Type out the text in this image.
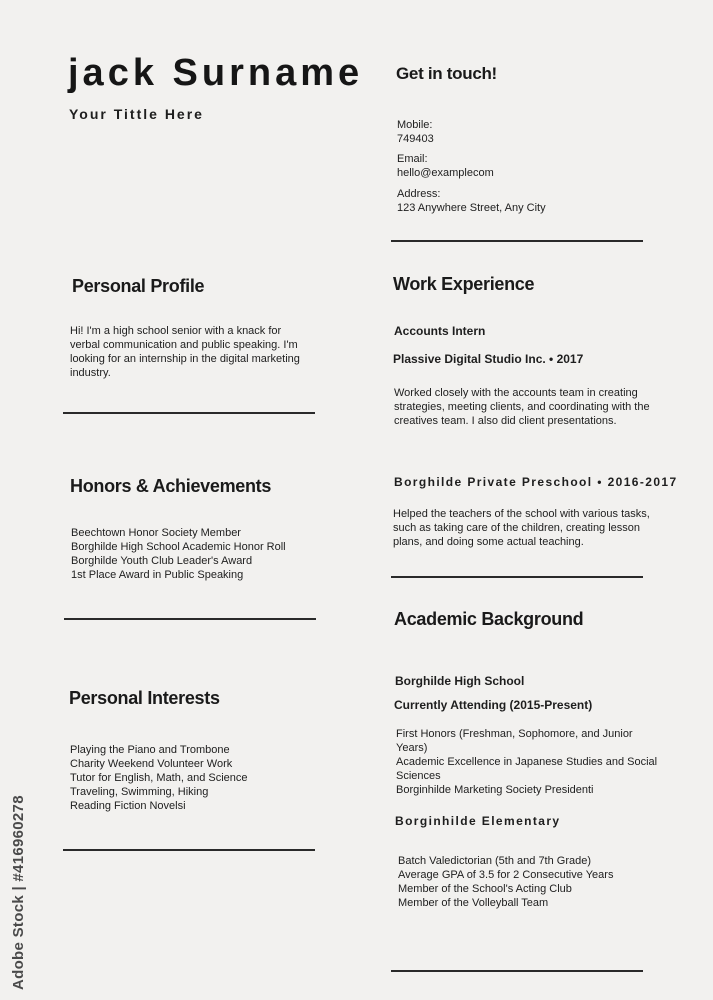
jack Surname
Your Tittle Here
Get in touch!
Mobile:
749403
Email:
hello@examplecom
Address:
123 Anywhere Street, Any City
Personal Profile
Hi! I'm a high school senior with a knack for verbal communication and public speaking. I'm looking for an internship in the digital marketing industry.
Honors & Achievements
Beechtown Honor Society Member
Borghilde High School Academic Honor Roll
Borghilde Youth Club Leader's Award
1st Place Award in Public Speaking
Personal Interests
Playing the Piano and Trombone
Charity Weekend Volunteer Work
Tutor for English, Math, and Science
Traveling, Swimming, Hiking
Reading Fiction Novelsi
Work Experience
Accounts Intern
Plassive Digital Studio Inc. • 2017
Worked closely with the accounts team in creating strategies, meeting clients, and coordinating with the creatives team. I also did client presentations.
Borghilde Private Preschool • 2016-2017
Helped the teachers of the school with various tasks, such as taking care of the children, creating lesson plans, and doing some actual teaching.
Academic Background
Borghilde High School
Currently Attending (2015-Present)
First Honors (Freshman, Sophomore, and Junior Years)
Academic Excellence in Japanese Studies and Social Sciences
Borginhilde Marketing Society Presidenti
Borginhilde Elementary
Batch Valedictorian (5th and 7th Grade)
Average GPA of 3.5 for 2 Consecutive Years
Member of the School's Acting Club
Member of the Volleyball Team
Adobe Stock | #416960278
